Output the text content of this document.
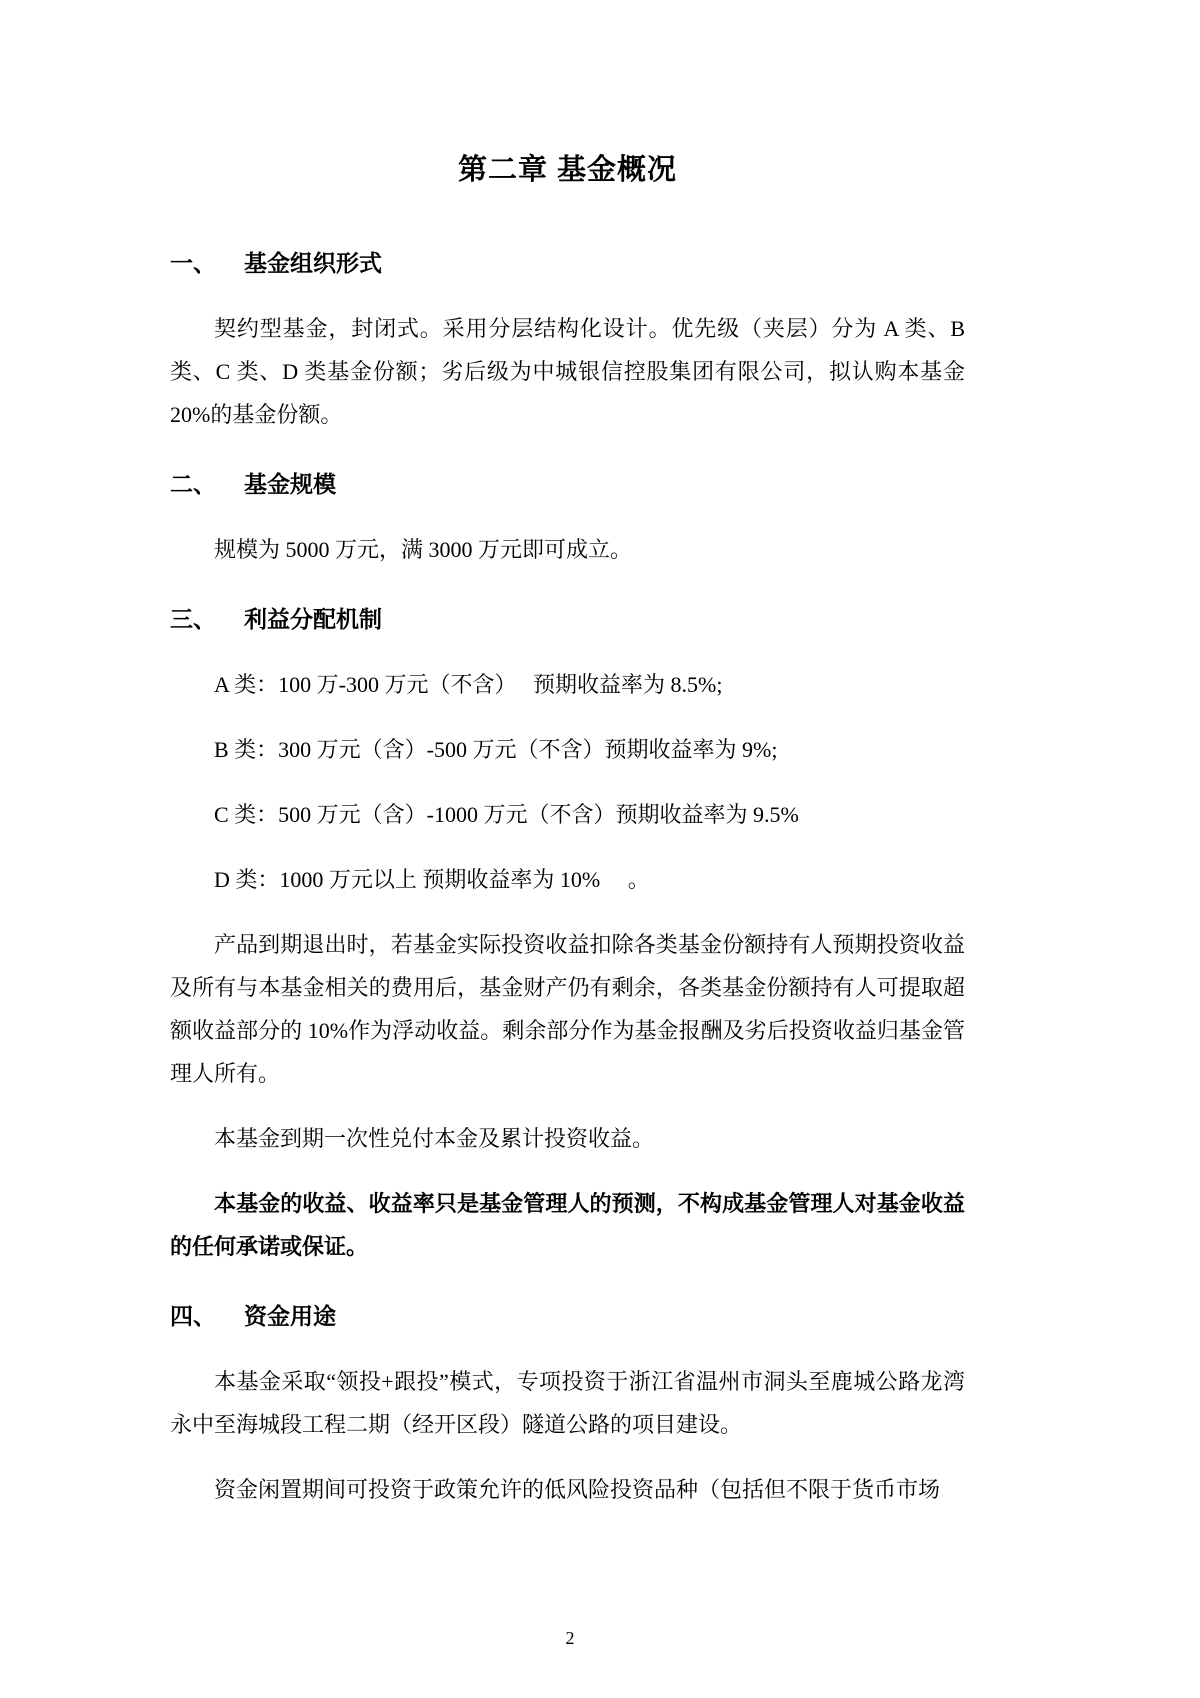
第二章 基金概况
一、 基金组织形式

契约型基金，封闭式。采用分层结构化设计。优先级（夹层）分为 A 类、B 类、C 类、D 类基金份额；劣后级为中城银信控股集团有限公司，拟认购本基金 20%的基金份额。

二、 基金规模

规模为 5000 万元，满 3000 万元即可成立。

三、 利益分配机制

A 类：100 万-300 万元（不含）　 预期收益率为 8.5%;

B 类：300 万元（含）-500 万元（不含）预期收益率为 9%;

C 类：500 万元（含）-1000 万元（不含）预期收益率为 9.5%

D 类：1000 万元以上 预期收益率为 10%　 。

产品到期退出时，若基金实际投资收益扣除各类基金份额持有人预期投资收益及所有与本基金相关的费用后，基金财产仍有剩余，各类基金份额持有人可提取超额收益部分的 10%作为浮动收益。剩余部分作为基金报酬及劣后投资收益归基金管理人所有。

本基金到期一次性兑付本金及累计投资收益。

本基金的收益、收益率只是基金管理人的预测，不构成基金管理人对基金收益的任何承诺或保证。

四、 资金用途

本基金采取“领投+跟投”模式，专项投资于浙江省温州市洞头至鹿城公路龙湾永中至海城段工程二期（经开区段）隧道公路的项目建设。

资金闲置期间可投资于政策允许的低风险投资品种（包括但不限于货币市场

2
